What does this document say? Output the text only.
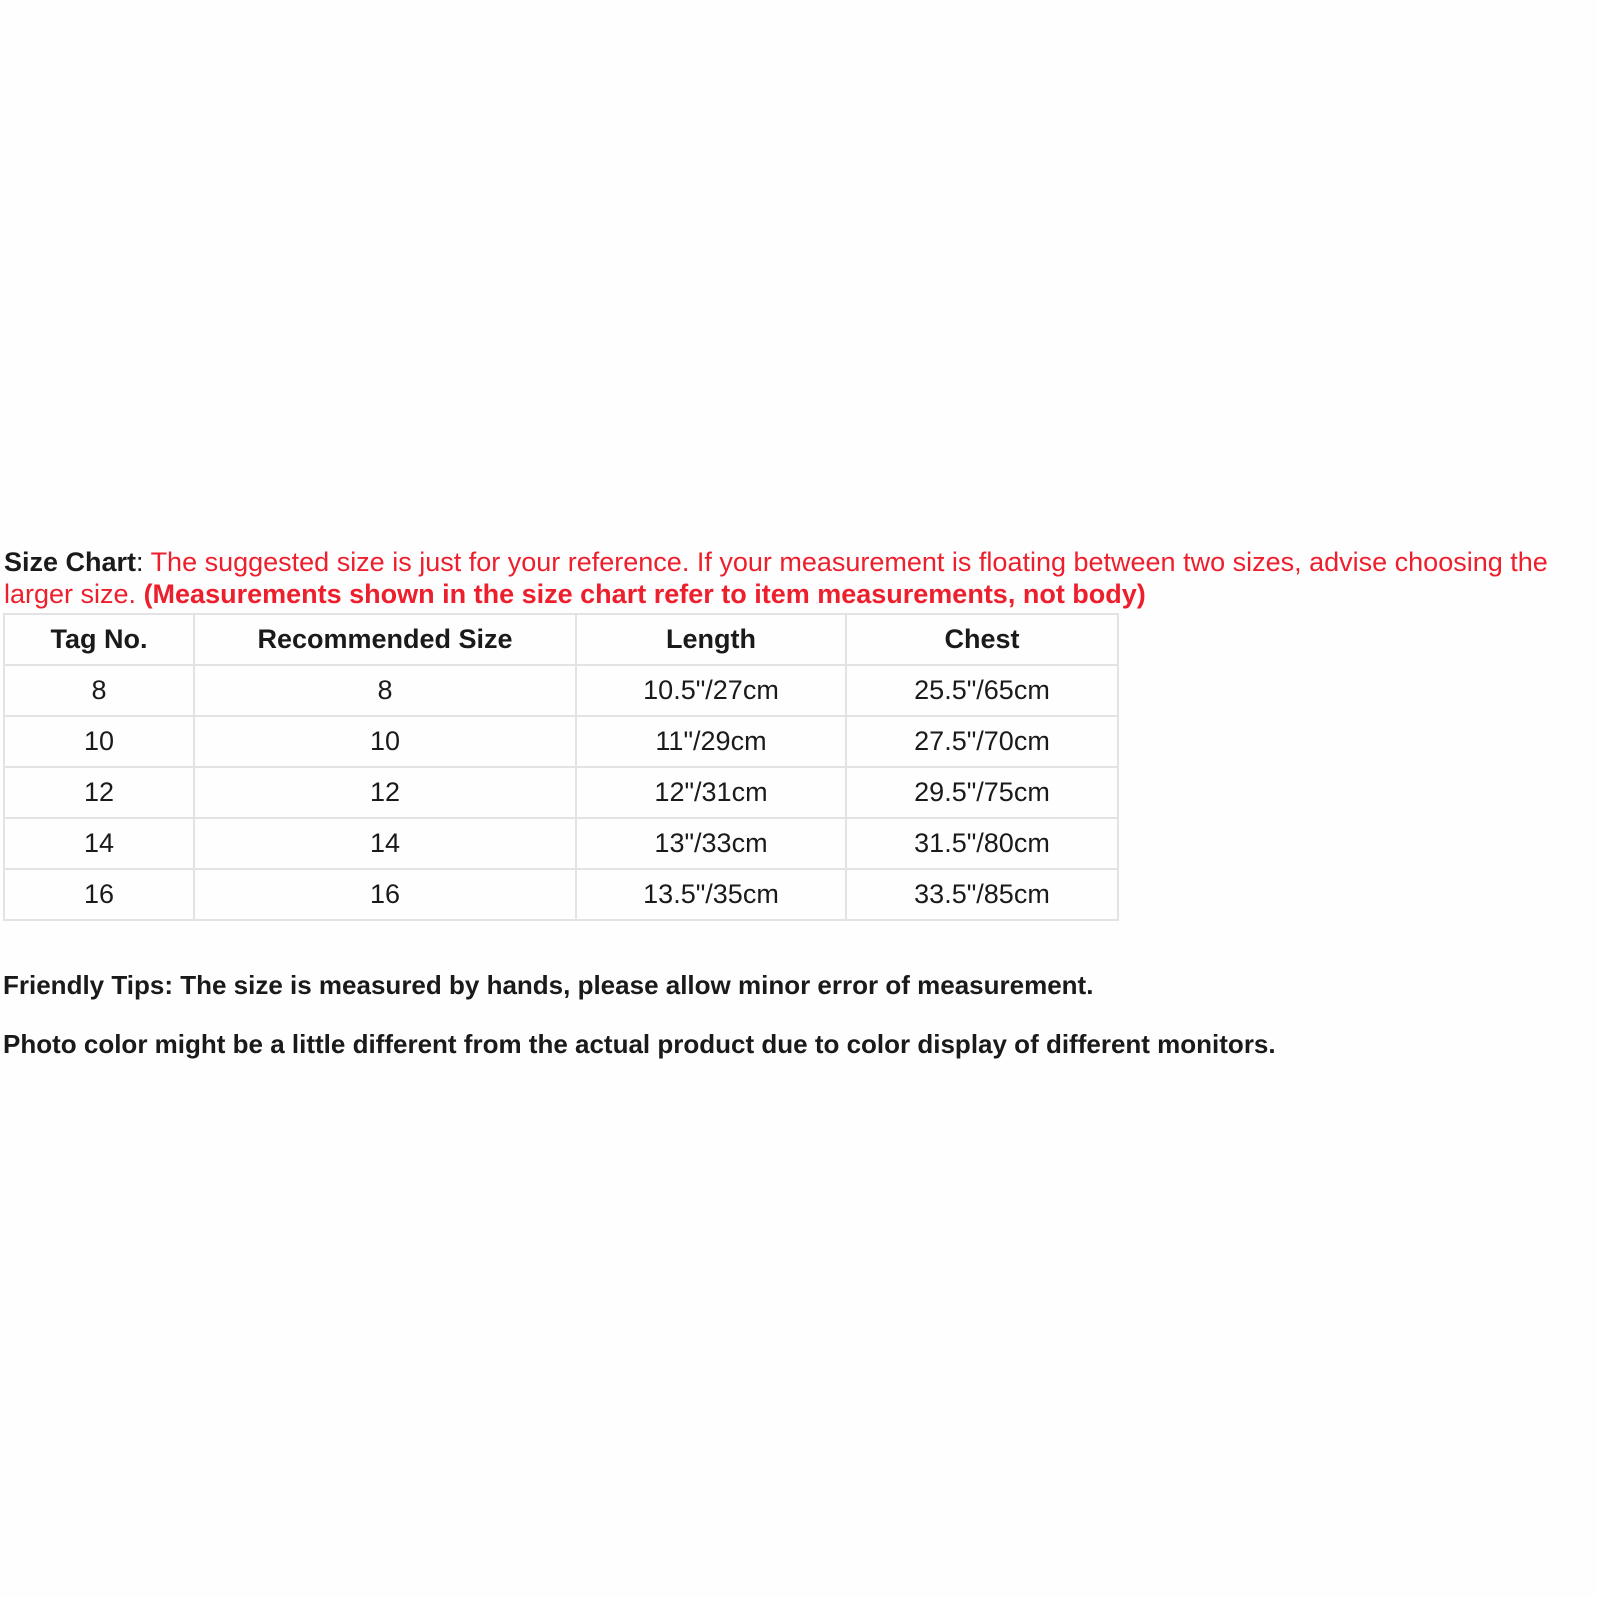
Size Chart: The suggested size is just for your reference. If your measurement is floating between two sizes, advise choosing the larger size. (Measurements shown in the size chart refer to item measurements, not body)

Tag No.	Recommended Size	Length	Chest
8	8	10.5"/27cm	25.5"/65cm
10	10	11"/29cm	27.5"/70cm
12	12	12"/31cm	29.5"/75cm
14	14	13"/33cm	31.5"/80cm
16	16	13.5"/35cm	33.5"/85cm

Friendly Tips: The size is measured by hands, please allow minor error of measurement.

Photo color might be a little different from the actual product due to color display of different monitors.
